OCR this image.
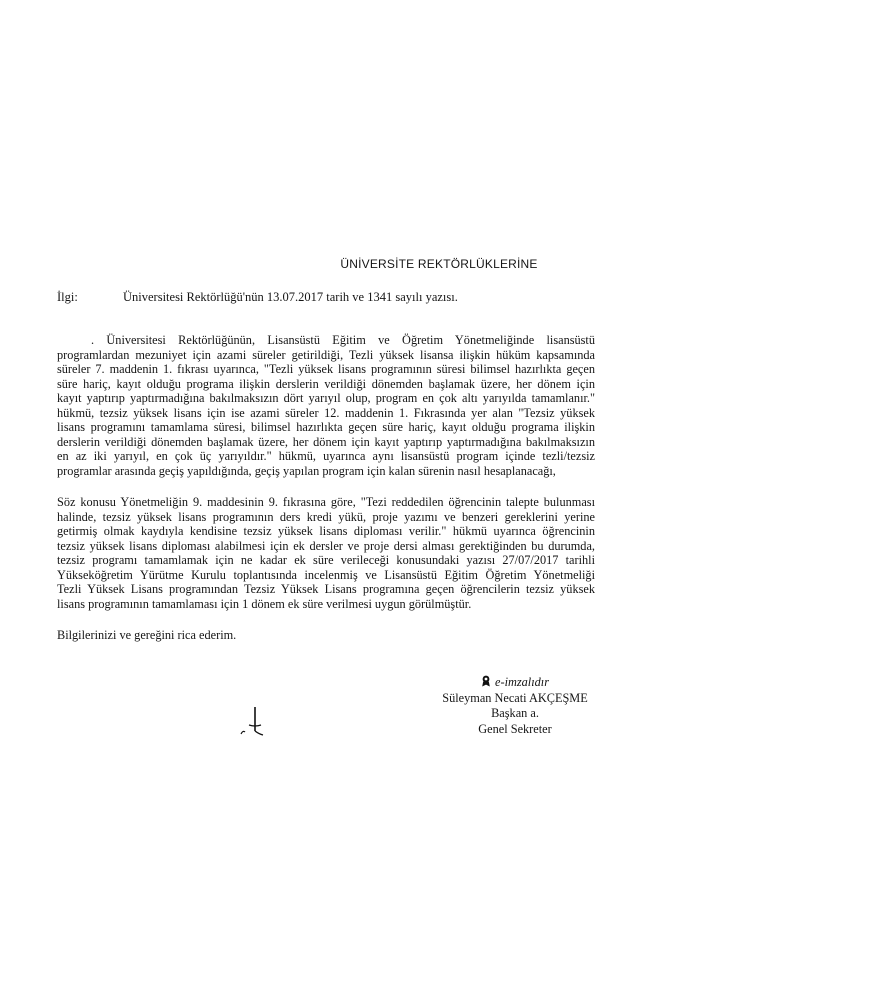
ÜNİVERSİTE REKTÖRLÜKLERİNE
İlgi:	Üniversitesi Rektörlüğü'nün 13.07.2017 tarih ve 1341 sayılı yazısı.
. Üniversitesi Rektörlüğünün, Lisansüstü Eğitim ve Öğretim Yönetmeliğinde lisansüstü
programlardan mezuniyet için azami süreler getirildiği, Tezli yüksek lisansa ilişkin hüküm kapsamında
süreler 7. maddenin 1. fıkrası uyarınca, "Tezli yüksek lisans programının süresi bilimsel hazırlıkta geçen
süre hariç, kayıt olduğu programa ilişkin derslerin verildiği dönemden başlamak üzere, her dönem için
kayıt yaptırıp yaptırmadığına bakılmaksızın dört yarıyıl olup, program en çok altı yarıyılda tamamlanır."
hükmü, tezsiz yüksek lisans için ise azami süreler 12. maddenin 1. Fıkrasında yer alan "Tezsiz yüksek
lisans programını tamamlama süresi, bilimsel hazırlıkta geçen süre hariç, kayıt olduğu programa ilişkin
derslerin verildiği dönemden başlamak üzere, her dönem için kayıt yaptırıp yaptırmadığına bakılmaksızın
en az iki yarıyıl, en çok üç yarıyıldır." hükmü, uyarınca aynı lisansüstü program içinde tezli/tezsiz
programlar arasında geçiş yapıldığında, geçiş yapılan program için kalan sürenin nasıl hesaplanacağı,
Söz konusu Yönetmeliğin 9. maddesinin 9. fıkrasına göre, "Tezi reddedilen öğrencinin talepte bulunması
halinde, tezsiz yüksek lisans programının ders kredi yükü, proje yazımı ve benzeri gereklerini yerine
getirmiş olmak kaydıyla kendisine tezsiz yüksek lisans diploması verilir." hükmü uyarınca öğrencinin
tezsiz yüksek lisans diploması alabilmesi için ek dersler ve proje dersi alması gerektiğinden bu durumda,
tezsiz programı tamamlamak için ne kadar ek süre verileceği konusundaki yazısı 27/07/2017 tarihli
Yükseköğretim Yürütme Kurulu toplantısında incelenmiş ve Lisansüstü Eğitim Öğretim Yönetmeliği
Tezli Yüksek Lisans programından Tezsiz Yüksek Lisans programına geçen öğrencilerin tezsiz yüksek
lisans programının tamamlaması için 1 dönem ek süre verilmesi uygun görülmüştür.
Bilgilerinizi ve gereğini rica ederim.
e-imzalıdır
Süleyman Necati AKÇEŞME
Başkan a.
Genel Sekreter
